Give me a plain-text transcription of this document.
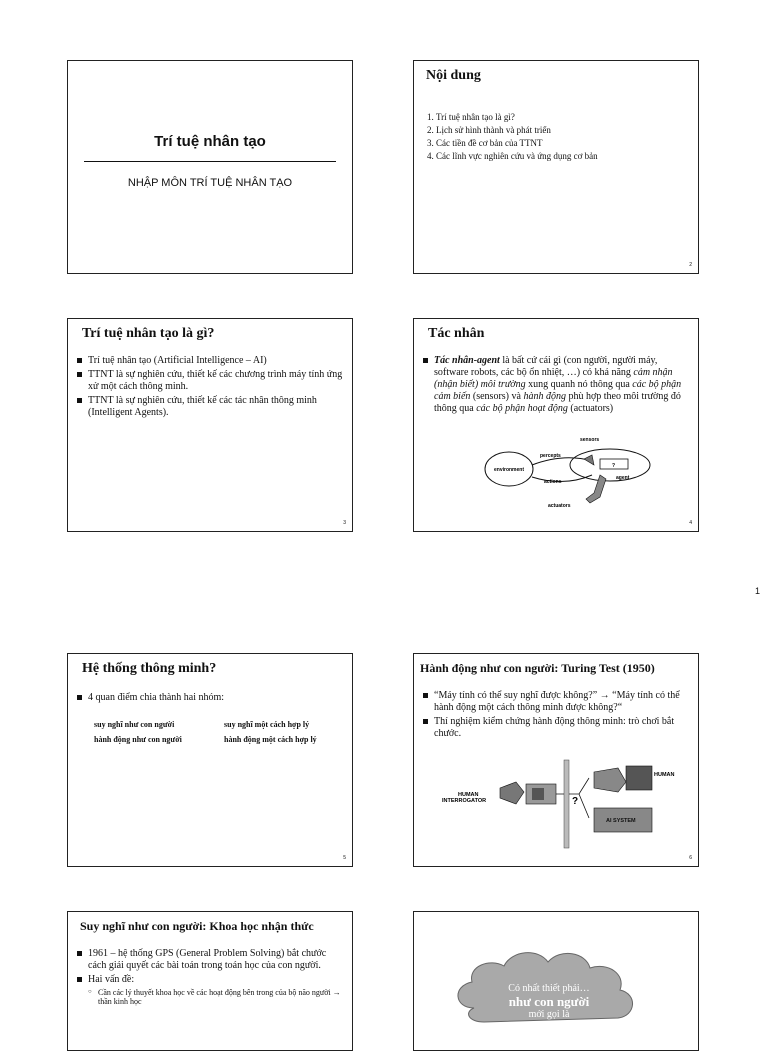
1
Trí tuệ nhân tạo
NHẬP MÔN TRÍ TUỆ NHÂN TẠO
Nội dung
1. Trí tuệ nhân tạo là gì?
2. Lịch sử hình thành và phát triển
3. Các tiền đề cơ bản của TTNT
4. Các lĩnh vực nghiên cứu và ứng dụng cơ bản
2
Trí tuệ nhân tạo là gì?
Trí tuệ nhân tạo (Artificial Intelligence – AI)
TTNT là sự nghiên cứu, thiết kế các chương trình máy tính ứng xử một cách thông minh.
TTNT là sự nghiên cứu, thiết kế các tác nhân thông minh (Intelligent Agents).
3
Tác nhân
Tác nhân-agent là bất cứ cái gì (con người, người máy, software robots, các bộ ổn nhiệt, …) có khả năng cảm nhận (nhận biết) môi trường xung quanh nó thông qua các bộ phận cảm biến (sensors) và hành động phù hợp theo môi trường đó thông qua các bộ phận hoạt động (actuators)
?
sensors
percepts
environment
actions
agent
actuators
4
Hệ thống thông minh?
4 quan điểm chia thành hai nhóm:
suy nghĩ như con người	suy nghĩ một cách hợp lý
hành động như con người	hành động một cách hợp lý
5
Hành động như con người: Turing Test (1950)
“Máy tính có thể suy nghĩ được không?” → “Máy tính có thể hành động một cách thông minh được không?“
Thí nghiệm kiểm chứng hành động thông minh: trò chơi bắt chước.
?
HUMAN
HUMAN
INTERROGATOR
AI SYSTEM
6
Suy nghĩ như con người: Khoa học nhận thức
1961 – hệ thống GPS (General Problem Solving) bắt chước cách giải quyết các bài toán trong toán học của con người.
Hai vấn đề:
○ Cần các lý thuyết khoa học về các hoạt động bên trong của bộ não người → thần kinh học
Có nhất thiết phải…
như con người
mới gọi là
